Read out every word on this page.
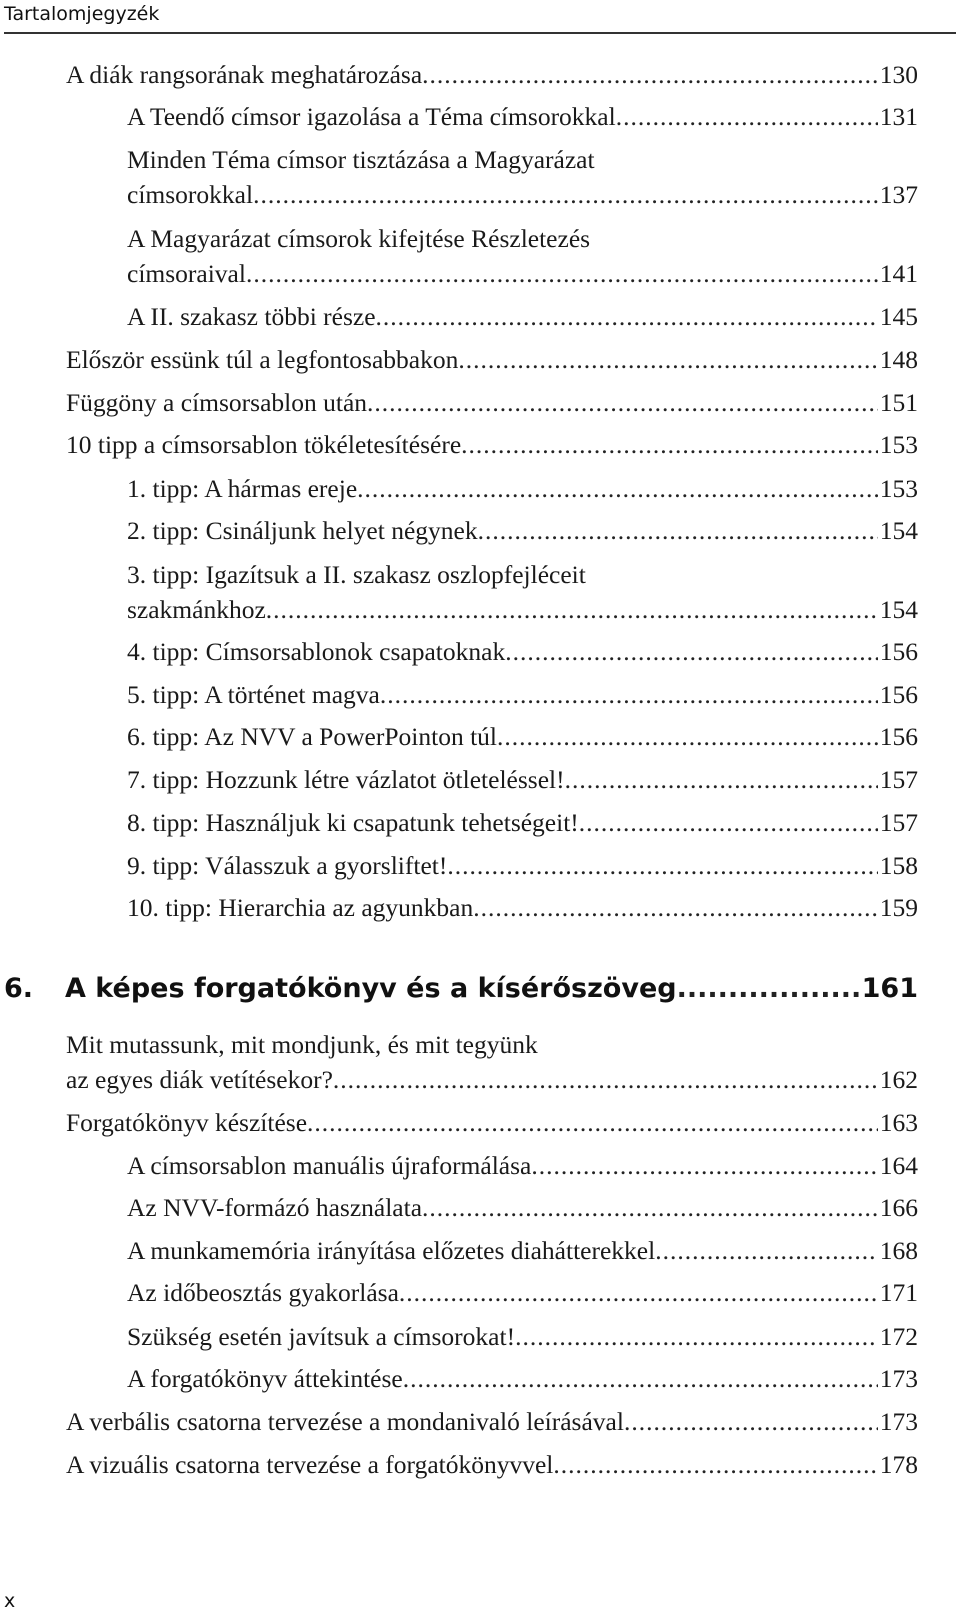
Tartalomjegyzék
A diák rangsorának meghatározása .....	130
A Teendő címsor igazolása a Téma címsorokkal .....	131
Minden Téma címsor tisztázása a Magyarázat
címsorokkal .....	137
A Magyarázat címsorok kifejtése Részletezés
címsoraival .....	141
A II. szakasz többi része .....	145
Először essünk túl a legfontosabbakon .....	148
Függöny a címsorsablon után .....	151
10 tipp a címsorsablon tökéletesítésére .....	153
1. tipp: A hármas ereje .....	153
2. tipp: Csináljunk helyet négynek .....	154
3. tipp: Igazítsuk a II. szakasz oszlopfejléceit
szakmánkhoz .....	154
4. tipp: Címsorsablonok csapatoknak .....	156
5. tipp: A történet magva .....	156
6. tipp: Az NVV a PowerPointon túl .....	156
7. tipp: Hozzunk létre vázlatot ötleteléssel! .....	157
8. tipp: Használjuk ki csapatunk tehetségeit! .....	157
9. tipp: Válasszuk a gyorsliftet! .....	158
10. tipp: Hierarchia az agyunkban .....	159
6. A képes forgatókönyv és a kísérőszöveg .....	161
Mit mutassunk, mit mondjunk, és mit tegyünk
az egyes diák vetítésekor? .....	162
Forgatókönyv készítése .....	163
A címsorsablon manuális újraformálása .....	164
Az NVV-formázó használata .....	166
A munkamemória irányítása előzetes diahátterekkel .....	168
Az időbeosztás gyakorlása .....	171
Szükség esetén javítsuk a címsorokat! .....	172
A forgatókönyv áttekintése .....	173
A verbális csatorna tervezése a mondanivaló leírásával .....	173
A vizuális csatorna tervezése a forgatókönyvvel .....	178
x
